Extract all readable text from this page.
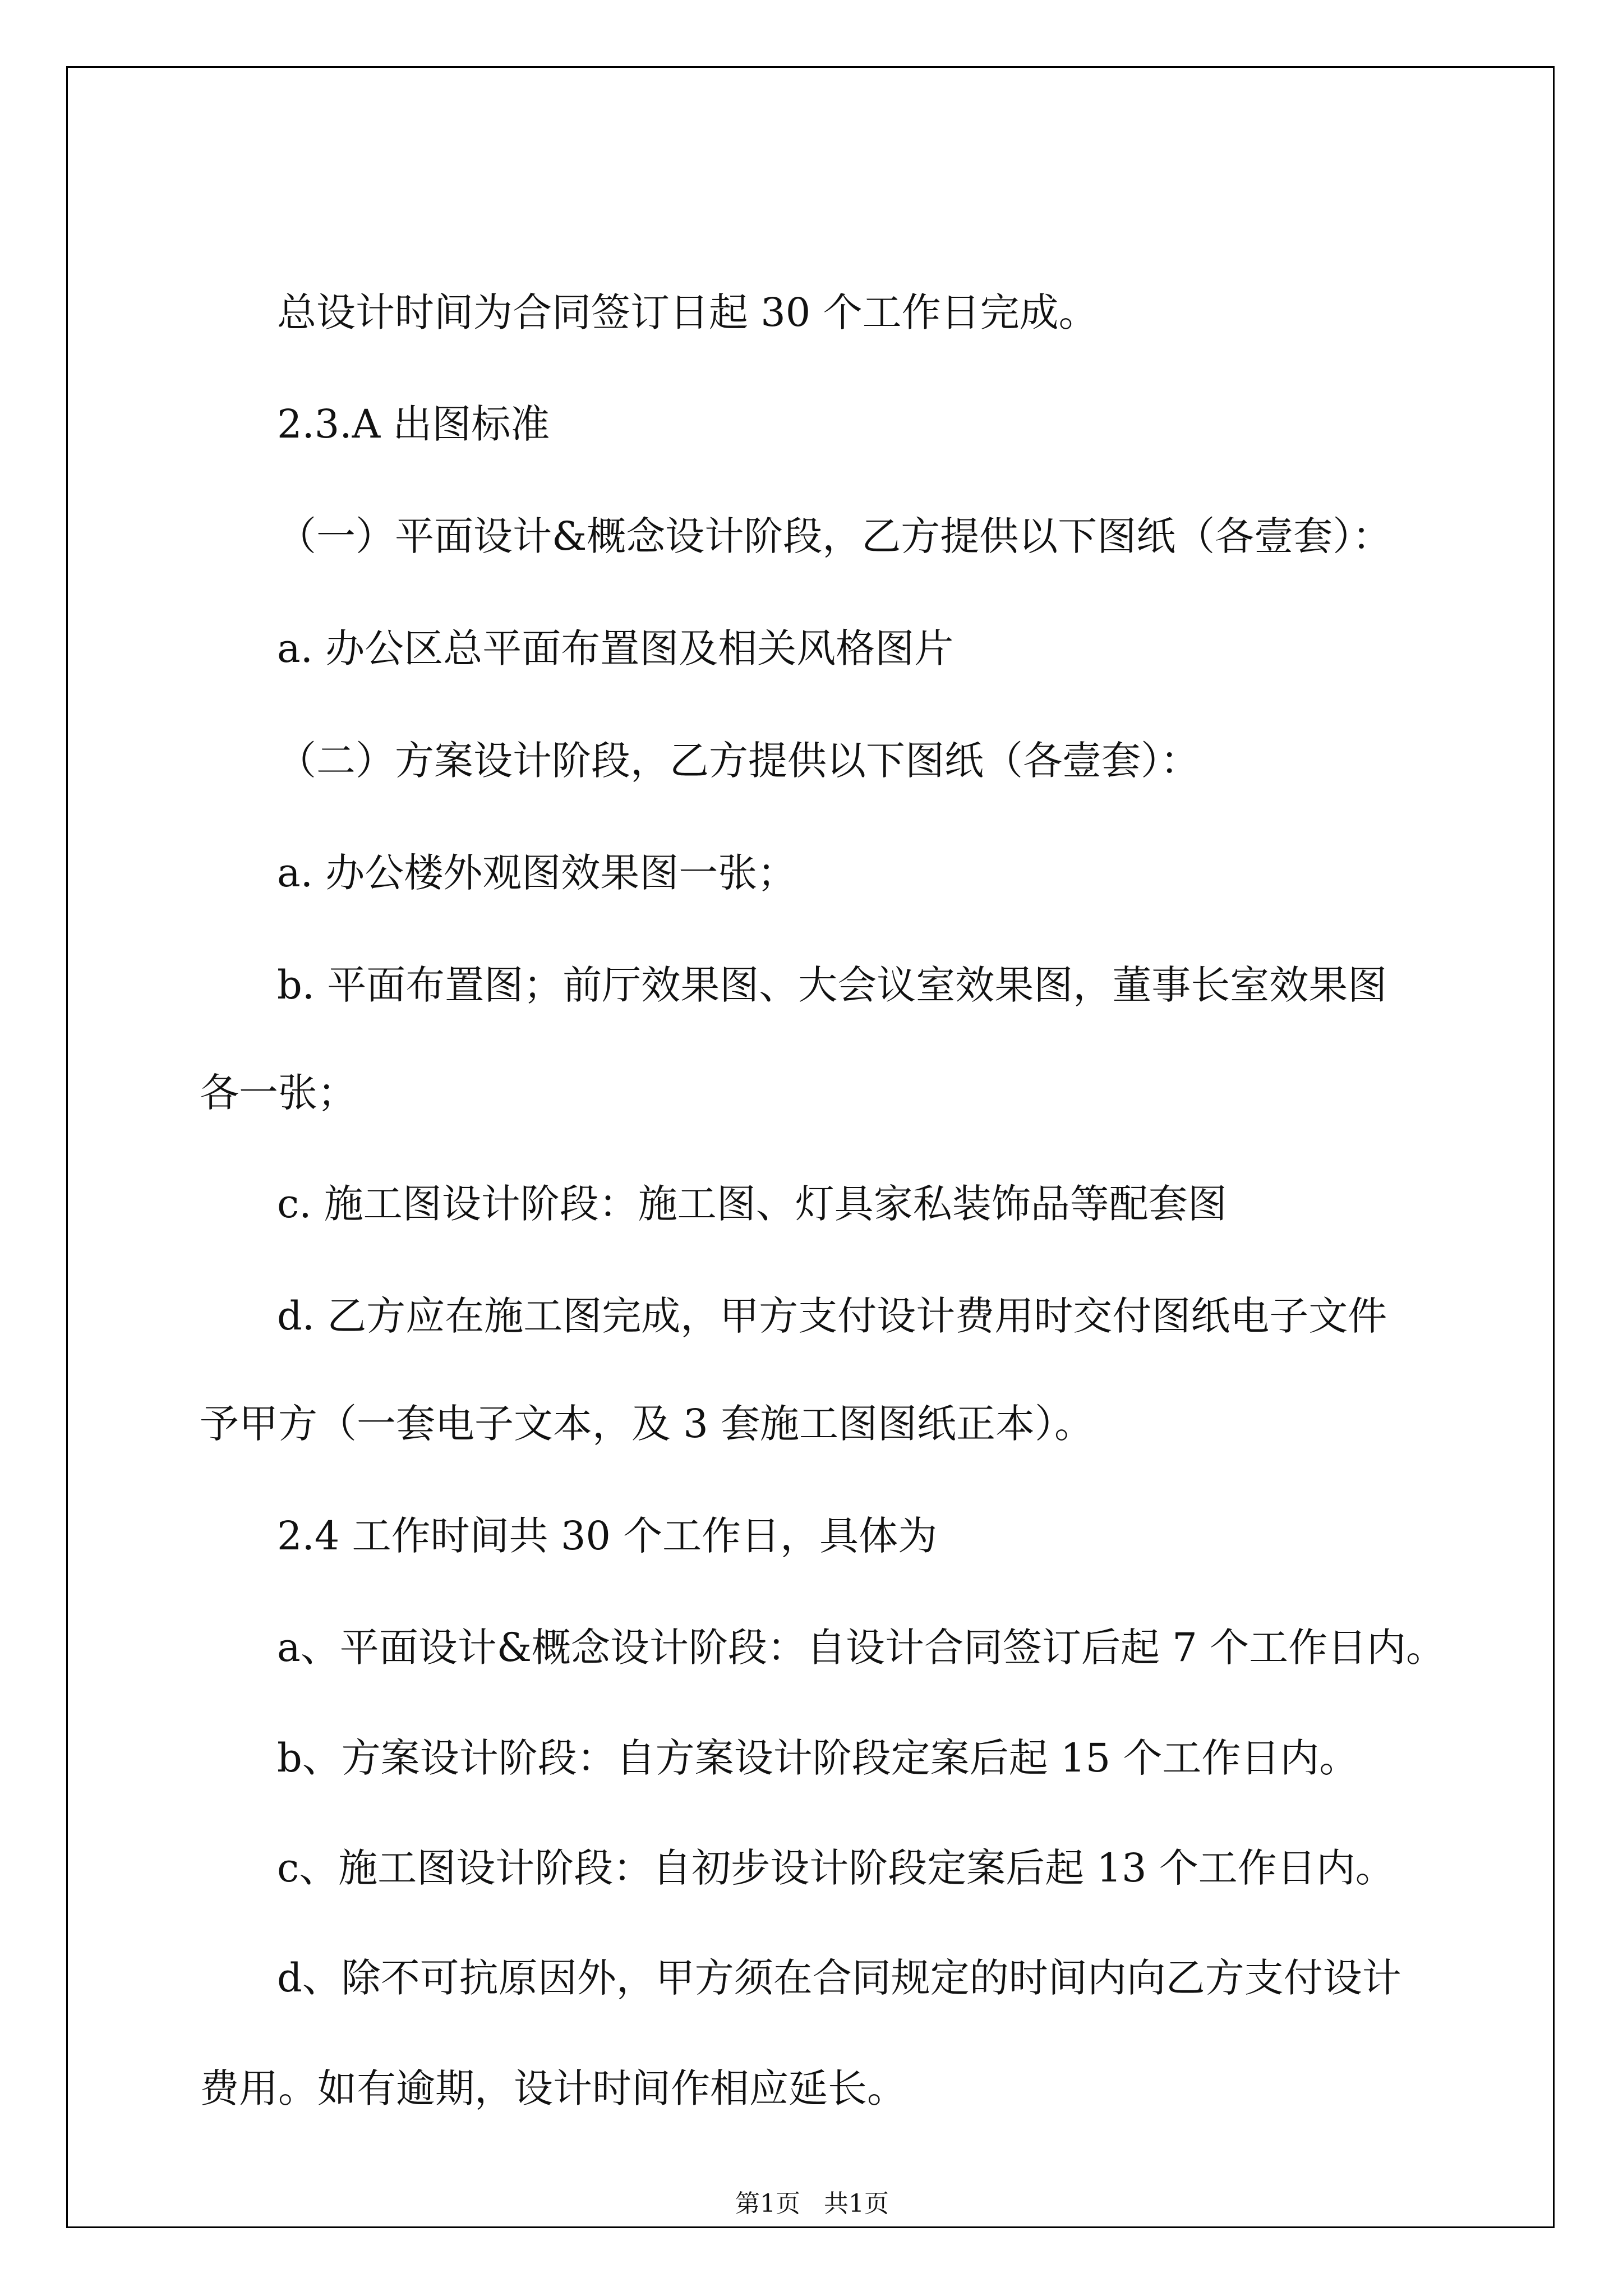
总设计时间为合同签订日起 30 个工作日完成。
2.3.A 出图标准
（一）平面设计&概念设计阶段，乙方提供以下图纸（各壹套）：
a. 办公区总平面布置图及相关风格图片
（二）方案设计阶段，乙方提供以下图纸（各壹套）：
a. 办公楼外观图效果图一张；
b. 平面布置图；前厅效果图、大会议室效果图，董事长室效果图
各一张；
c. 施工图设计阶段：施工图、灯具家私装饰品等配套图
d. 乙方应在施工图完成，甲方支付设计费用时交付图纸电子文件
予甲方（一套电子文本，及 3 套施工图图纸正本）。
2.4 工作时间共 30 个工作日，具体为
a、平面设计&概念设计阶段：自设计合同签订后起 7 个工作日内。
b、方案设计阶段：自方案设计阶段定案后起 15 个工作日内。
c、施工图设计阶段：自初步设计阶段定案后起 13 个工作日内。
d、除不可抗原因外，甲方须在合同规定的时间内向乙方支付设计
费用。如有逾期，设计时间作相应延长。
第1页   共1页
